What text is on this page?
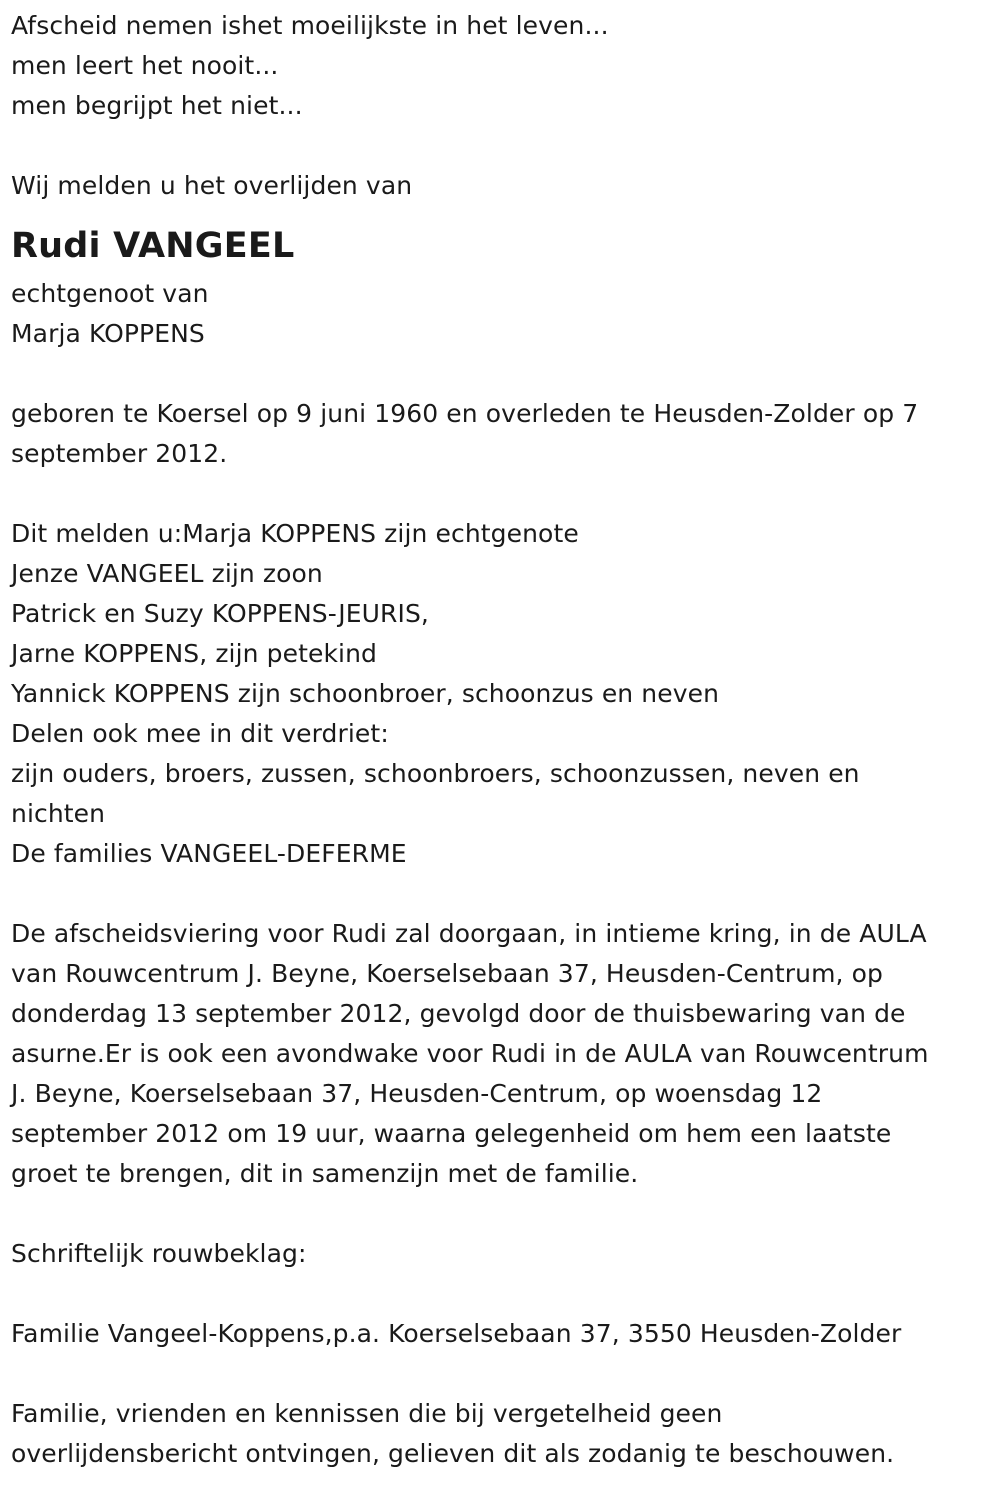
Afscheid nemen ishet moeilijkste in het leven...
men leert het nooit...
men begrijpt het niet...
Wij melden u het overlijden van
Rudi VANGEEL
echtgenoot van
Marja KOPPENS
geboren te Koersel op 9 juni 1960 en overleden te Heusden-Zolder op 7
september 2012.
Dit melden u:Marja KOPPENS zijn echtgenote
Jenze VANGEEL zijn zoon
Patrick en Suzy KOPPENS-JEURIS,
Jarne KOPPENS, zijn petekind
Yannick KOPPENS zijn schoonbroer, schoonzus en neven
Delen ook mee in dit verdriet:
zijn ouders, broers, zussen, schoonbroers, schoonzussen, neven en
nichten
De families VANGEEL-DEFERME
De afscheidsviering voor Rudi zal doorgaan, in intieme kring, in de AULA
van Rouwcentrum J. Beyne, Koerselsebaan 37, Heusden-Centrum, op
donderdag 13 september 2012, gevolgd door de thuisbewaring van de
asurne.Er is ook een avondwake voor Rudi in de AULA van Rouwcentrum
J. Beyne, Koerselsebaan 37, Heusden-Centrum, op woensdag 12
september 2012 om 19 uur, waarna gelegenheid om hem een laatste
groet te brengen, dit in samenzijn met de familie.
Schriftelijk rouwbeklag:
Familie Vangeel-Koppens,p.a. Koerselsebaan 37, 3550 Heusden-Zolder
Familie, vrienden en kennissen die bij vergetelheid geen
overlijdensbericht ontvingen, gelieven dit als zodanig te beschouwen.
